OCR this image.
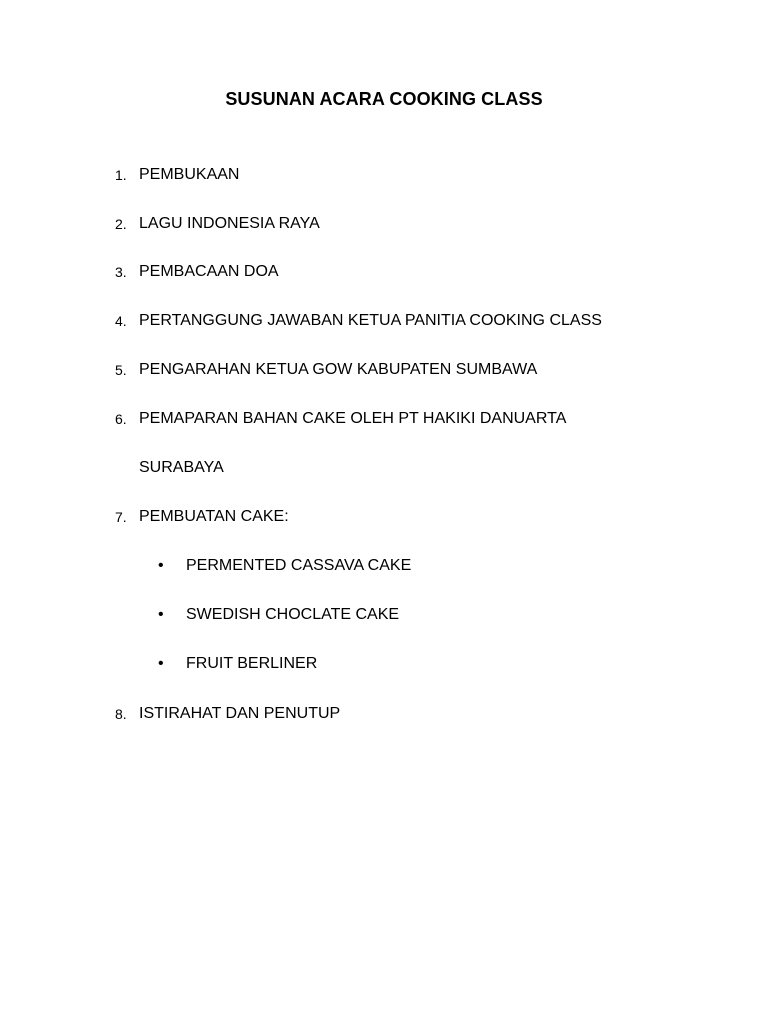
SUSUNAN ACARA COOKING CLASS
1. PEMBUKAAN
2. LAGU INDONESIA RAYA
3. PEMBACAAN DOA
4. PERTANGGUNG JAWABAN KETUA PANITIA COOKING CLASS
5. PENGARAHAN KETUA GOW KABUPATEN SUMBAWA
6. PEMAPARAN BAHAN CAKE OLEH PT HAKIKI DANUARTA
SURABAYA
7. PEMBUATAN CAKE:
• PERMENTED CASSAVA CAKE
• SWEDISH CHOCLATE CAKE
• FRUIT BERLINER
8. ISTIRAHAT DAN PENUTUP
